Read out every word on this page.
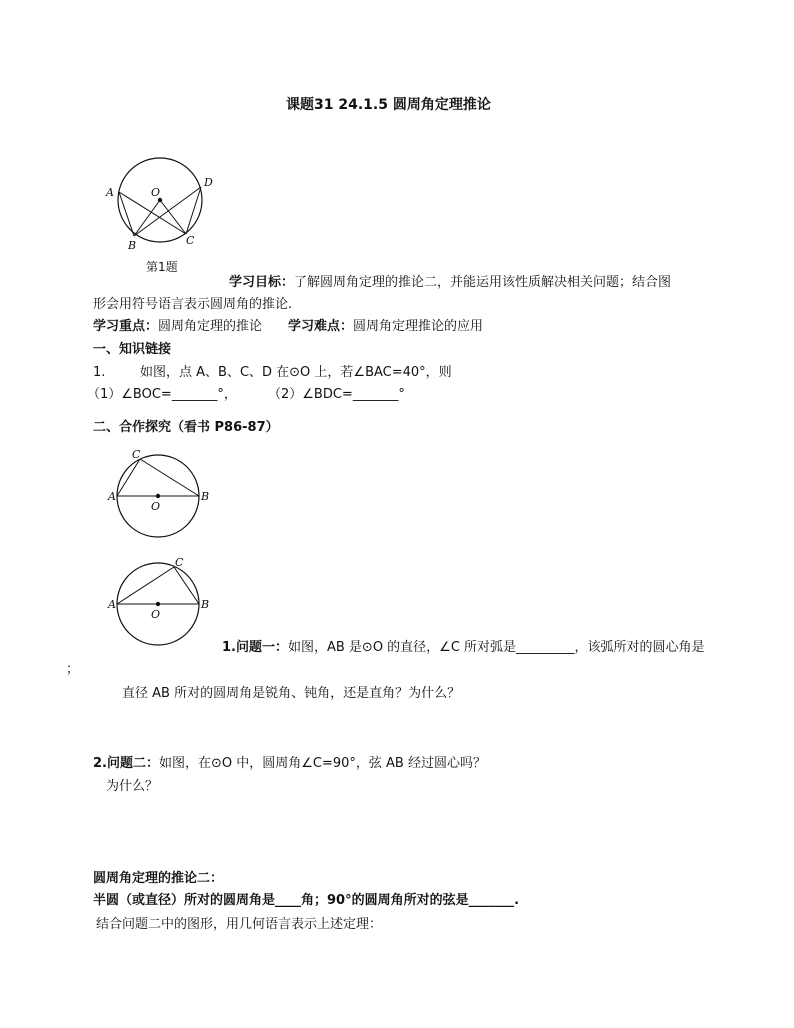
课题31 24.1.5 圆周角定理推论
A
B	C
D
O
第1题
学习目标：了解圆周角定理的推论二，并能运用该性质解决相关问题；结合图
形会用符号语言表示圆周角的推论.
学习重点：圆周角定理的推论 学习难点：圆周角定理推论的应用
一、知识链接
1.	如图，点 A、B、C、D 在⊙O 上，若∠BAC=40°，则
（1）∠BOC=_______°， （2）∠BDC=_______°
二、合作探究（看书 P86-87）
A	B
C
O
A	B
C
O
1.问题一：如图，AB 是⊙O 的直径，∠C 所对弧是_________，该弧所对的圆心角是
；
直径 AB 所对的圆周角是锐角、钝角，还是直角？为什么？
2.问题二：如图，在⊙O 中，圆周角∠C=90°，弦 AB 经过圆心吗？
为什么？
圆周角定理的推论二：
半圆（或直径）所对的圆周角是____角；90°的圆周角所对的弦是_______.
结合问题二中的图形，用几何语言表示上述定理：
